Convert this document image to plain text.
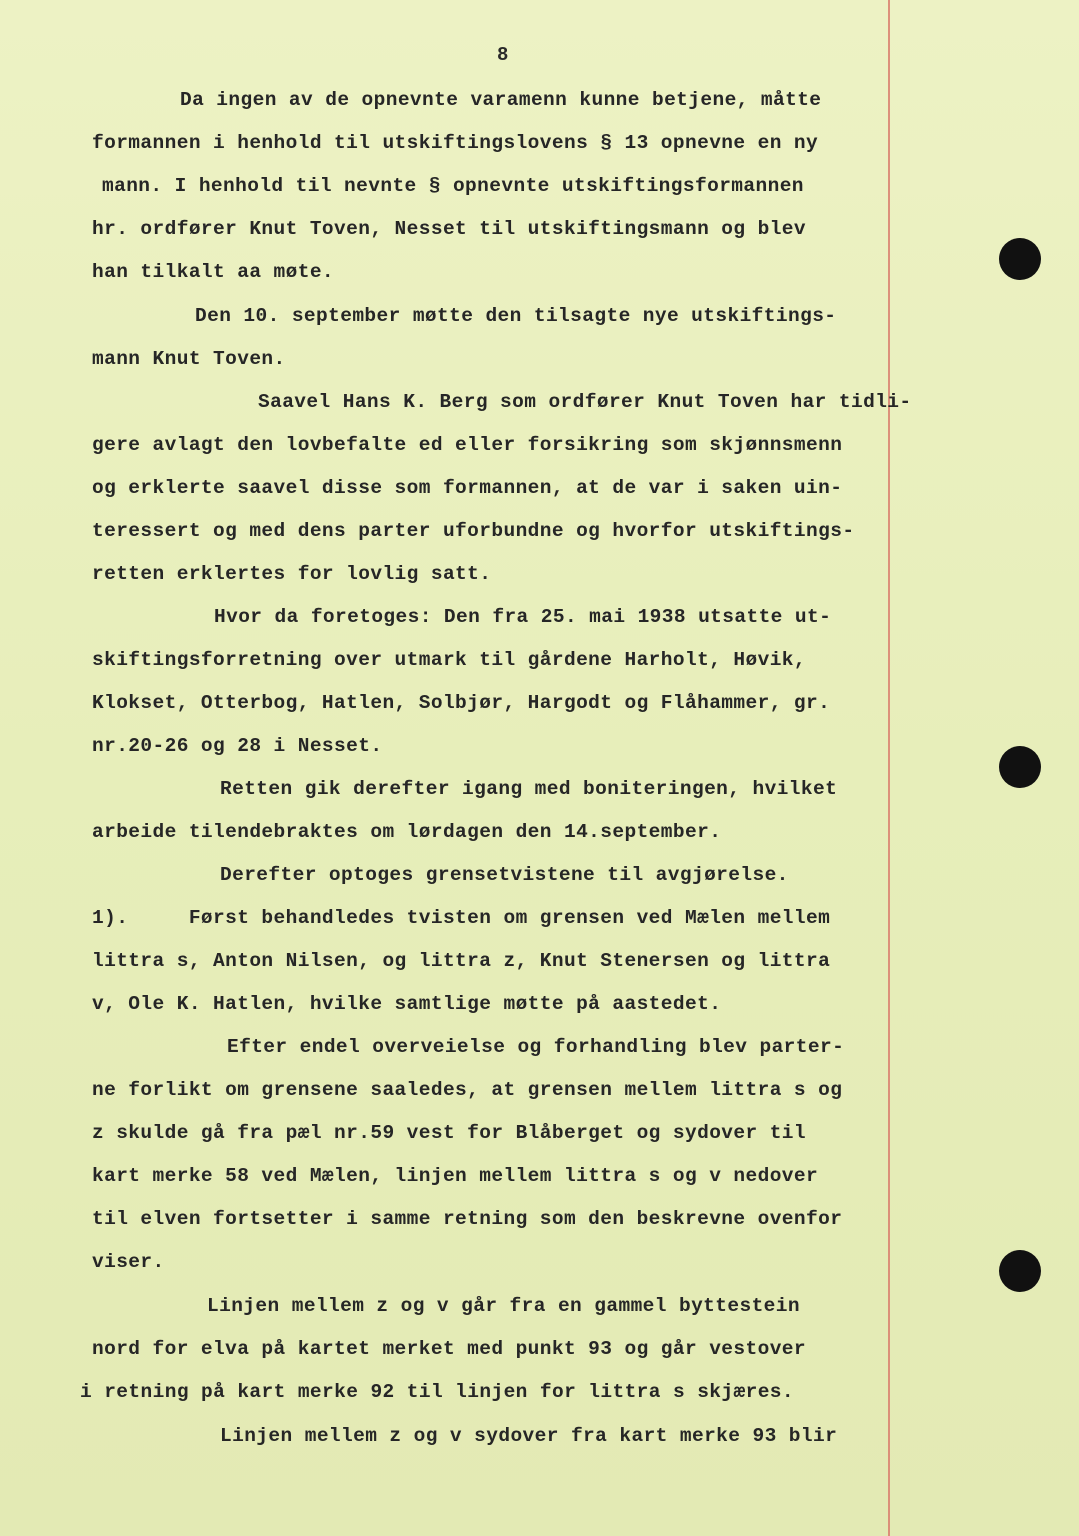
8
Da ingen av de opnevnte varamenn kunne betjene, måtte
formannen i henhold til utskiftingslovens § 13 opnevne en ny
mann. I henhold til nevnte § opnevnte utskiftingsformannen
hr. ordfører Knut Toven, Nesset til utskiftingsmann og blev
han tilkalt aa møte.
Den 10. september møtte den tilsagte nye utskiftings-
mann Knut Toven.
Saavel Hans K. Berg som ordfører Knut Toven har tidli-
gere avlagt den lovbefalte ed eller forsikring som skjønnsmenn
og erklerte saavel disse som formannen, at de var i saken uin-
teressert og med dens parter uforbundne og hvorfor utskiftings-
retten erklertes for lovlig satt.
Hvor da foretoges: Den fra 25. mai 1938 utsatte ut-
skiftingsforretning over utmark til gårdene Harholt, Høvik,
Klokset, Otterbog, Hatlen, Solbjør, Hargodt og Flåhammer, gr.
nr.20-26 og 28 i Nesset.
Retten gik derefter igang med boniteringen, hvilket
arbeide tilendebraktes om lørdagen den 14.september.
Derefter optoges grensetvistene til avgjørelse.
1).     Først behandledes tvisten om grensen ved Mælen mellem
littra s, Anton Nilsen, og littra z, Knut Stenersen og littra
v, Ole K. Hatlen, hvilke samtlige møtte på aastedet.
Efter endel overveielse og forhandling blev parter-
ne forlikt om grensene saaledes, at grensen mellem littra s og
z skulde gå fra pæl nr.59 vest for Blåberget og sydover til
kart merke 58 ved Mælen, linjen mellem littra s og v nedover
til elven fortsetter i samme retning som den beskrevne ovenfor
viser.
Linjen mellem z og v går fra en gammel byttestein
nord for elva på kartet merket med punkt 93 og går vestover
i retning på kart merke 92 til linjen for littra s skjæres.
Linjen mellem z og v sydover fra kart merke 93 blir
